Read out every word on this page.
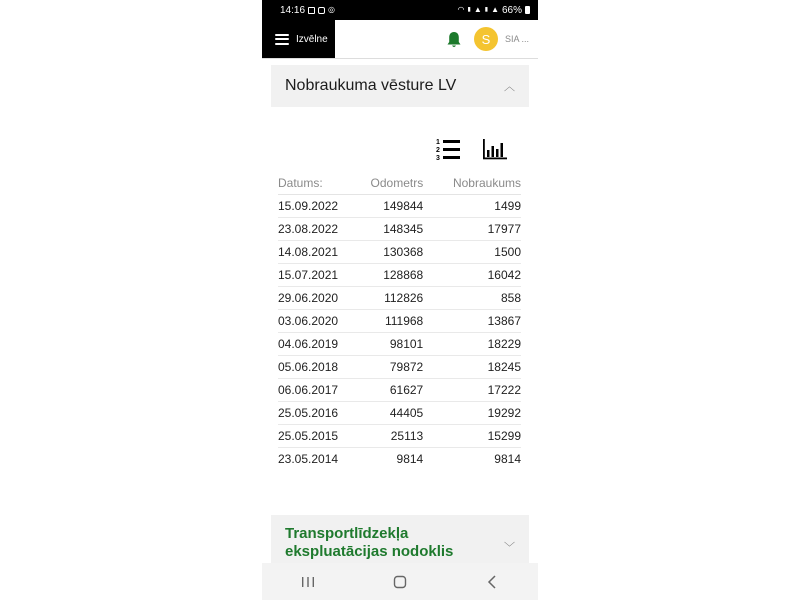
14:16	◎	◠ ▮ ▲ ▮ ▲ 66%
Izvēlne	S	SIA ...
Nobraukuma vēsture LV	︿
1
2
3
Datums:	Odometrs	Nobraukums
15.09.2022	149844	1499
23.08.2022	148345	17977
14.08.2021	130368	1500
15.07.2021	128868	16042
29.06.2020	112826	858
03.06.2020	111968	13867
04.06.2019	98101	18229
05.06.2018	79872	18245
06.06.2017	61627	17222
25.05.2016	44405	19292
25.05.2015	25113	15299
23.05.2014	9814	9814
Transportlīdzekļa ekspluatācijas nodoklis	﹀
